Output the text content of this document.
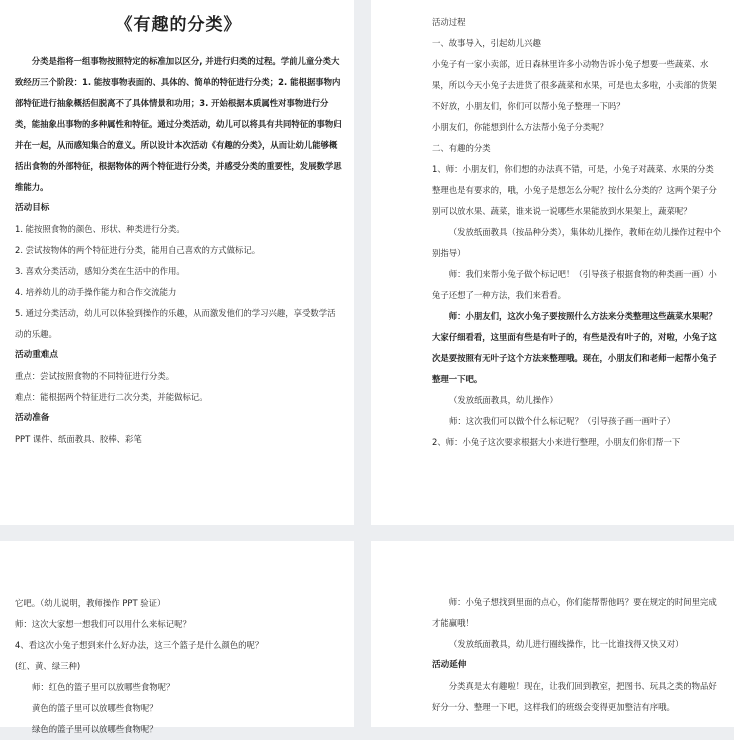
《有趣的分类》

分类是指将一组事物按照特定的标准加以区分, 并进行归类的过程。学前儿童分类大致经历三个阶段：1. 能按事物表面的、具体的、简单的特征进行分类；2. 能根据事物内部特征进行抽象概括但脱离不了具体情景和功用；3. 开始根据本质属性对事物进行分类，能抽象出事物的多种属性和特征。通过分类活动，幼儿可以将具有共同特征的事物归并在一起，从而感知集合的意义。所以设计本次活动《有趣的分类》，从而让幼儿能够概括出食物的外部特征，根据物体的两个特征进行分类，并感受分类的重要性，发展数学思维能力。

活动目标

1. 能按照食物的颜色、形状、种类进行分类。

2. 尝试按物体的两个特征进行分类，能用自己喜欢的方式做标记。

3. 喜欢分类活动，感知分类在生活中的作用。

4. 培养幼儿的动手操作能力和合作交流能力

5. 通过分类活动，幼儿可以体验到操作的乐趣，从而激发他们的学习兴趣，享受数学活动的乐趣。

活动重难点

重点：尝试按照食物的不同特征进行分类。

难点：能根据两个特征进行二次分类，并能做标记。

活动准备

PPT 课件、纸面教具、胶棒、彩笔

活动过程

一、故事导入，引起幼儿兴趣

小兔子有一家小卖部，近日森林里许多小动物告诉小兔子想要一些蔬菜、水果，所以今天小兔子去进货了很多蔬菜和水果，可是也太多啦，小卖部的货架不好放，小朋友们，你们可以帮小兔子整理一下吗？

小朋友们，你能想到什么方法帮小兔子分类呢？

二、有趣的分类

1、师：小朋友们，你们想的办法真不错，可是，小兔子对蔬菜、水果的分类整理也是有要求的，哦，小兔子是想怎么分呢？按什么分类的？这两个架子分别可以放水果、蔬菜，谁来说一说哪些水果能放到水果架上，蔬菜呢？

（发放纸面教具（按品种分类），集体幼儿操作，教师在幼儿操作过程中个别指导）

师：我们来帮小兔子做个标记吧！（引导孩子根据食物的种类画一画）小兔子还想了一种方法，我们来看看。

师：小朋友们，这次小兔子要按照什么方法来分类整理这些蔬菜水果呢？大家仔细看看，这里面有些是有叶子的，有些是没有叶子的，对啦，小兔子这次是要按照有无叶子这个方法来整理哦。现在，小朋友们和老师一起帮小兔子整理一下吧。

（发放纸面教具，幼儿操作）

师：这次我们可以做个什么标记呢？（引导孩子画一画叶子）

2、师：小兔子这次要求根据大小来进行整理，小朋友们你们帮一下

它吧。（幼儿说明，教师操作 PPT 验证）

师：这次大家想一想我们可以用什么来标记呢？

4、看这次小兔子想到来什么好办法，这三个篮子是什么颜色的呢？

(红、黄、绿三种)

师：红色的篮子里可以放哪些食物呢？

黄色的篮子里可以放哪些食物呢？

绿色的篮子里可以放哪些食物呢？

师：小兔子想找到里面的点心，你们能帮帮他吗？要在规定的时间里完成才能赢哦！

（发放纸面教具，幼儿进行圈线操作，比一比谁找得又快又对）

活动延伸

分类真是太有趣啦！现在，让我们回到教室，把图书、玩具之类的物品好好分一分、整理一下吧，这样我们的班级会变得更加整洁有序哦。
